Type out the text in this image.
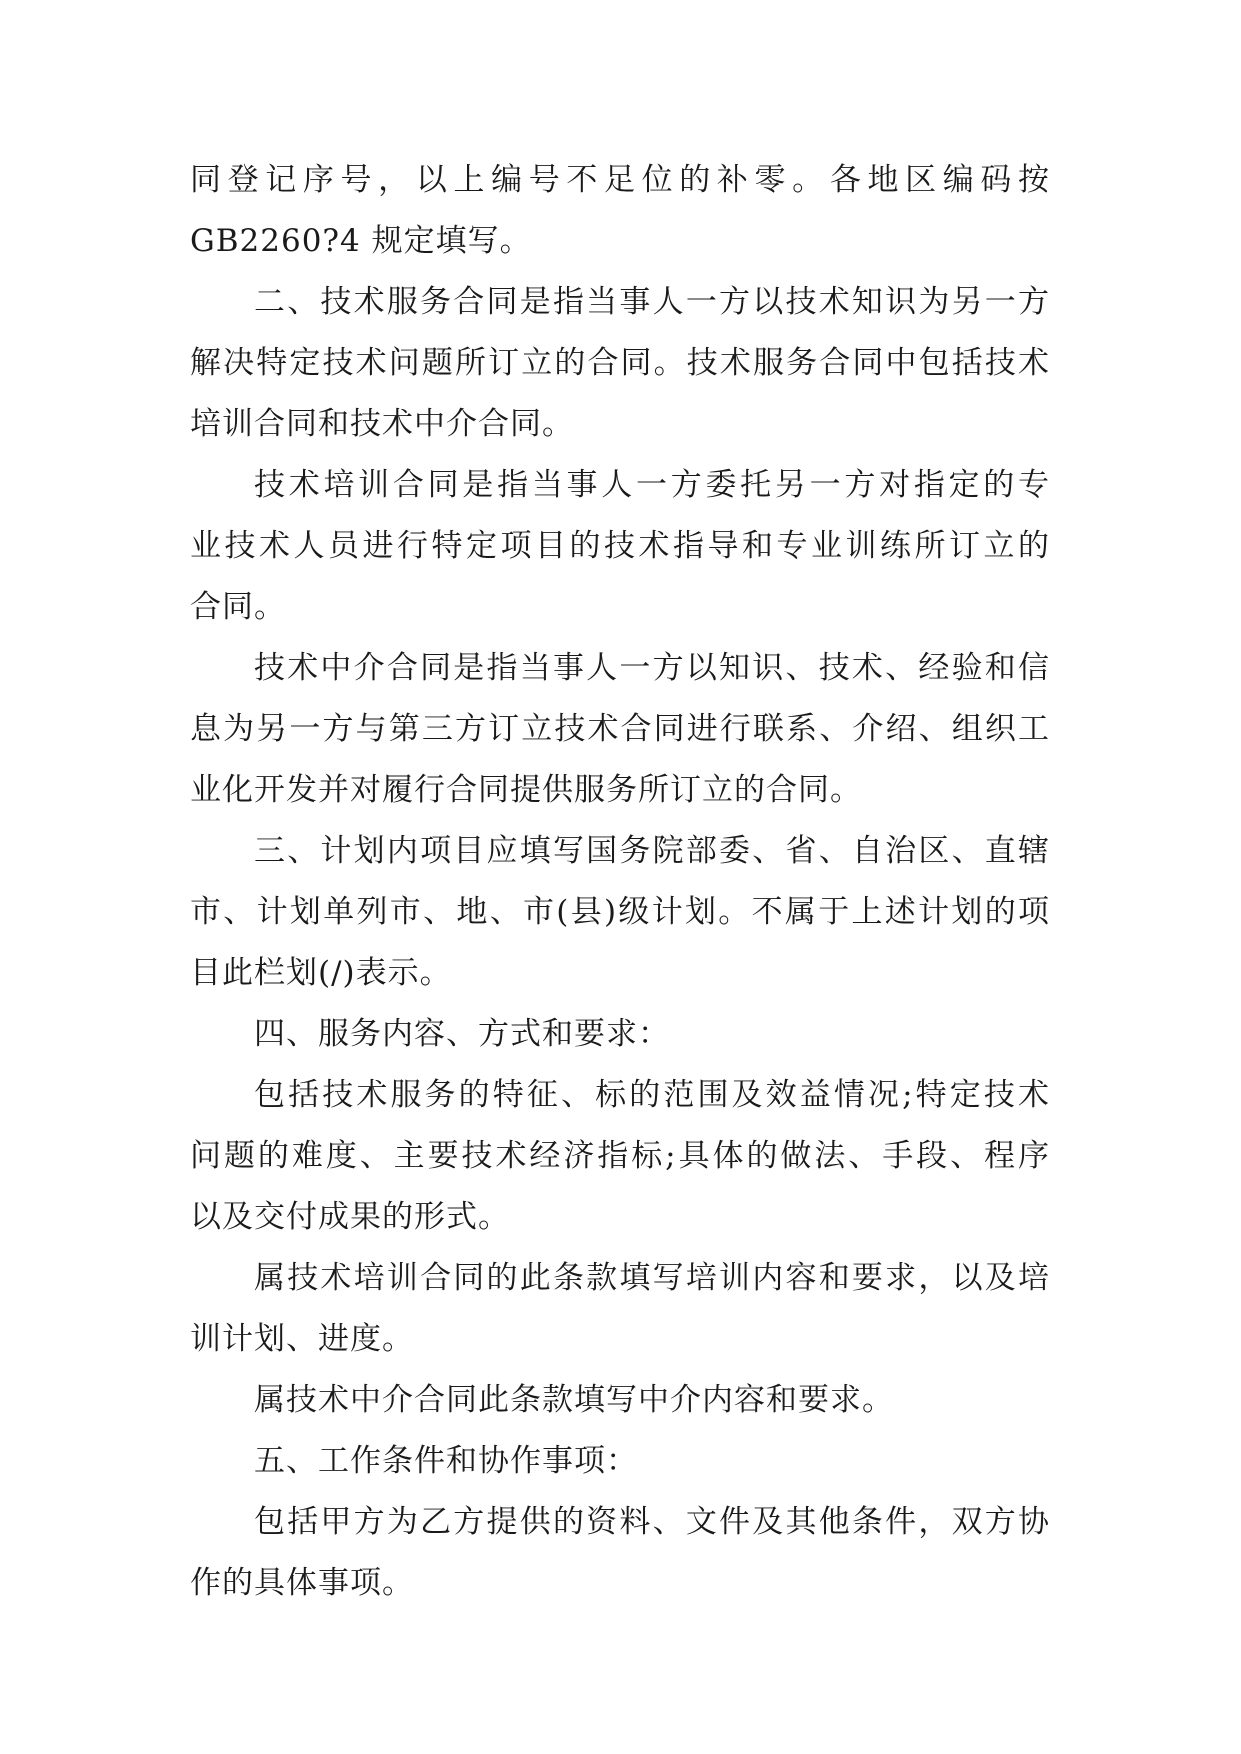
同登记序号，以上编号不足位的补零。各地区编码按
GB2260?4 规定填写。
二、技术服务合同是指当事人一方以技术知识为另一方
解决特定技术问题所订立的合同。技术服务合同中包括技术
培训合同和技术中介合同。
技术培训合同是指当事人一方委托另一方对指定的专
业技术人员进行特定项目的技术指导和专业训练所订立的
合同。
技术中介合同是指当事人一方以知识、技术、经验和信
息为另一方与第三方订立技术合同进行联系、介绍、组织工
业化开发并对履行合同提供服务所订立的合同。
三、计划内项目应填写国务院部委、省、自治区、直辖
市、计划单列市、地、市(县)级计划。不属于上述计划的项
目此栏划(/)表示。
四、服务内容、方式和要求：
包括技术服务的特征、标的范围及效益情况;特定技术
问题的难度、主要技术经济指标;具体的做法、手段、程序
以及交付成果的形式。
属技术培训合同的此条款填写培训内容和要求，以及培
训计划、进度。
属技术中介合同此条款填写中介内容和要求。
五、工作条件和协作事项：
包括甲方为乙方提供的资料、文件及其他条件，双方协
作的具体事项。
